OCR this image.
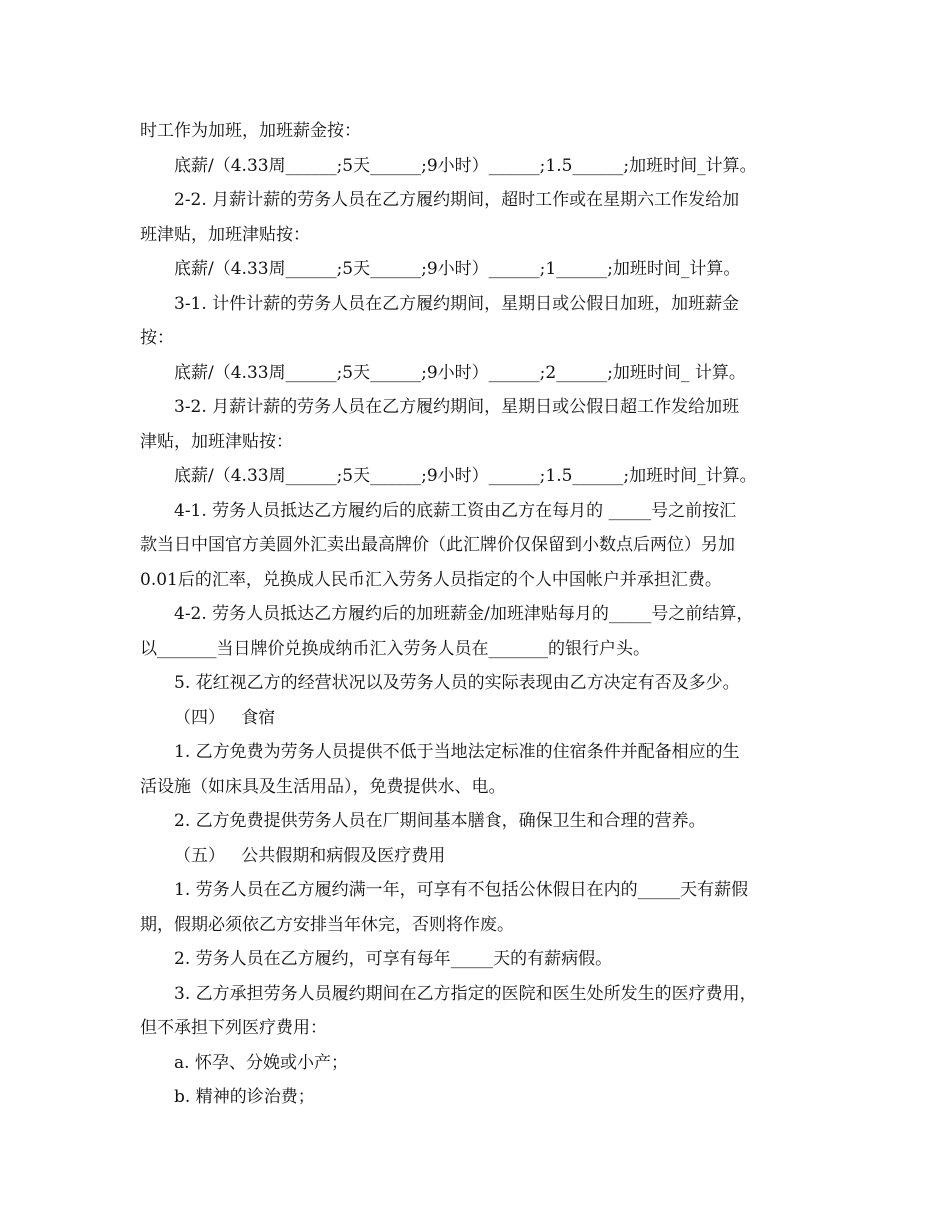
时工作为加班，加班薪金按：

底薪/（4.33周______;5天______;9小时）______;1.5______;加班时间_计算。

2-2. 月薪计薪的劳务人员在乙方履约期间，超时工作或在星期六工作发给加

班津贴，加班津贴按：

底薪/（4.33周______;5天______;9小时）______;1______;加班时间_计算。

3-1. 计件计薪的劳务人员在乙方履约期间，星期日或公假日加班，加班薪金

按：

底薪/（4.33周______;5天______;9小时）______;2______;加班时间_ 计算。

3-2. 月薪计薪的劳务人员在乙方履约期间，星期日或公假日超工作发给加班

津贴，加班津贴按：

底薪/（4.33周______;5天______;9小时）______;1.5______;加班时间_计算。

4-1. 劳务人员抵达乙方履约后的底薪工资由乙方在每月的 _____号之前按汇

款当日中国官方美圆外汇卖出最高牌价（此汇牌价仅保留到小数点后两位）另加

0.01后的汇率，兑换成人民币汇入劳务人员指定的个人中国帐户并承担汇费。

4-2. 劳务人员抵达乙方履约后的加班薪金/加班津贴每月的_____号之前结算，

以_______当日牌价兑换成纳币汇入劳务人员在_______的银行户头。

5. 花红视乙方的经营状况以及劳务人员的实际表现由乙方决定有否及多少。

（四）   食宿

1. 乙方免费为劳务人员提供不低于当地法定标准的住宿条件并配备相应的生

活设施（如床具及生活用品），免费提供水、电。

2. 乙方免费提供劳务人员在厂期间基本膳食，确保卫生和合理的营养。

（五）   公共假期和病假及医疗费用

1. 劳务人员在乙方履约满一年，可享有不包括公休假日在内的_____天有薪假

期，假期必须依乙方安排当年休完，否则将作废。

2. 劳务人员在乙方履约，可享有每年_____天的有薪病假。

3. 乙方承担劳务人员履约期间在乙方指定的医院和医生处所发生的医疗费用，

但不承担下列医疗费用：

a. 怀孕、分娩或小产；

b. 精神的诊治费；
